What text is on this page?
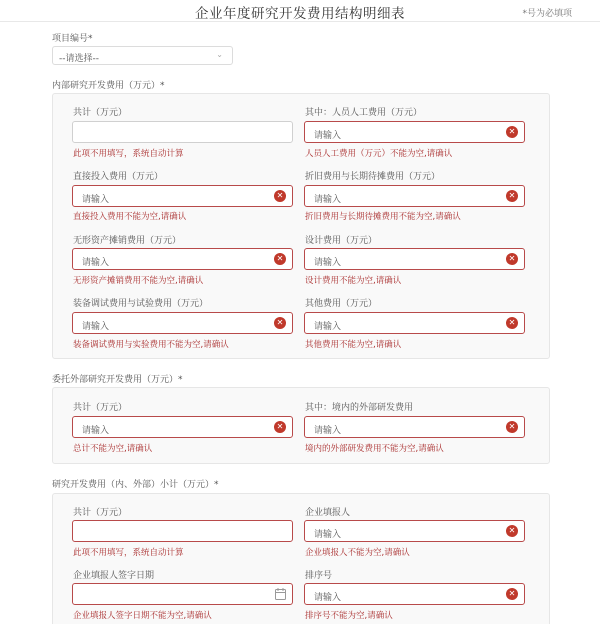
企业年度研究开发费用结构明细表	*号为必填项
项目编号*
--请选择--	⌄
内部研究开发费用（万元）*
共计（万元）
此项不用填写，系统自动计算
其中：人员人工费用（万元）
请输入	✕
人员人工费用（万元）不能为空,请确认
直接投入费用（万元）
请输入	✕
直接投入费用不能为空,请确认
折旧费用与长期待摊费用（万元）
请输入	✕
折旧费用与长期待摊费用不能为空,请确认
无形资产摊销费用（万元）
请输入	✕
无形资产摊销费用不能为空,请确认
设计费用（万元）
请输入	✕
设计费用不能为空,请确认
装备调试费用与试验费用（万元）
请输入	✕
装备调试费用与实验费用不能为空,请确认
其他费用（万元）
请输入	✕
其他费用不能为空,请确认
委托外部研究开发费用（万元）*
共计（万元）
请输入	✕
总计不能为空,请确认
其中：境内的外部研发费用
请输入	✕
境内的外部研发费用不能为空,请确认
研究开发费用（内、外部）小计（万元）*
共计（万元）
此项不用填写，系统自动计算
企业填报人
请输入	✕
企业填报人不能为空,请确认
企业填报人签字日期
企业填报人签字日期不能为空,请确认
排序号
请输入	✕
排序号不能为空,请确认
